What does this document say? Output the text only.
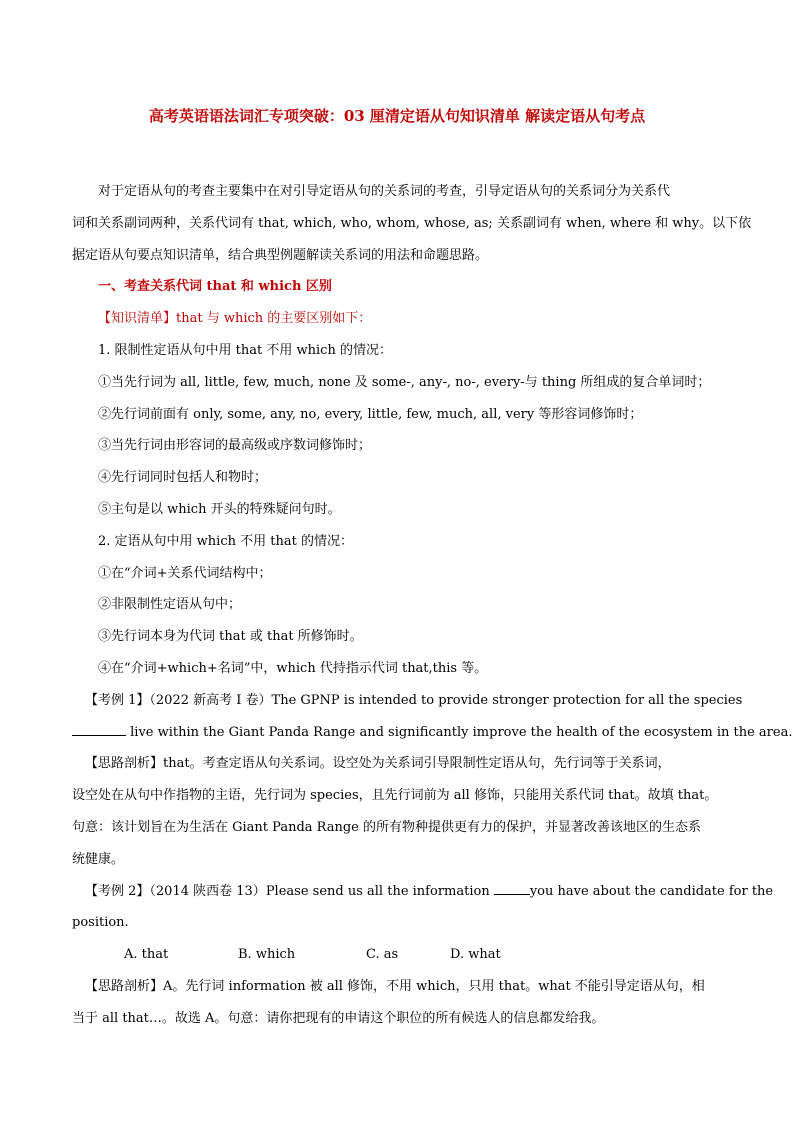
高考英语语法词汇专项突破：03 厘清定语从句知识清单 解读定语从句考点

对于定语从句的考查主要集中在对引导定语从句的关系词的考查，引导定语从句的关系词分为关系代

词和关系副词两种，关系代词有 that, which, who, whom, whose, as; 关系副词有 when, where 和 why。以下依

据定语从句要点知识清单，结合典型例题解读关系词的用法和命题思路。

一、考查关系代词 that 和 which 区别

【知识清单】that 与 which 的主要区别如下：

1. 限制性定语从句中用 that 不用 which 的情况：

①当先行词为 all, little, few, much, none 及 some-, any-, no-, every-与 thing 所组成的复合单词时；

②先行词前面有 only, some, any, no, every, little, few, much, all, very 等形容词修饰时；

③当先行词由形容词的最高级或序数词修饰时；

④先行词同时包括人和物时；

⑤主句是以 which 开头的特殊疑问句时。

2. 定语从句中用 which 不用 that 的情况：

①在“介词+关系代词结构中；

②非限制性定语从句中；

③先行词本身为代词 that 或 that 所修饰时。

④在“介词+which+名词”中，which 代持指示代词 that,this 等。

【考例 1】（2022 新高考 I 卷）The GPNP is intended to provide stronger protection for all the species

live within the Giant Panda Range and significantly improve the health of the ecosystem in the area.

【思路剖析】that。考查定语从句关系词。设空处为关系词引导限制性定语从句，先行词等于关系词，

设空处在从句中作指物的主语，先行词为 species，且先行词前为 all 修饰，只能用关系代词 that。故填 that。

句意：该计划旨在为生活在 Giant Panda Range 的所有物种提供更有力的保护，并显著改善该地区的生态系

统健康。

【考例 2】（2014 陕西卷 13）Please send us all the information	you have about the candidate for the

position.

A. that	B. which	C. as	D. what

【思路剖析】A。先行词 information 被 all 修饰，不用 which，只用 that。what 不能引导定语从句，相

当于 all that…。故选 A。句意：请你把现有的申请这个职位的所有候选人的信息都发给我。
